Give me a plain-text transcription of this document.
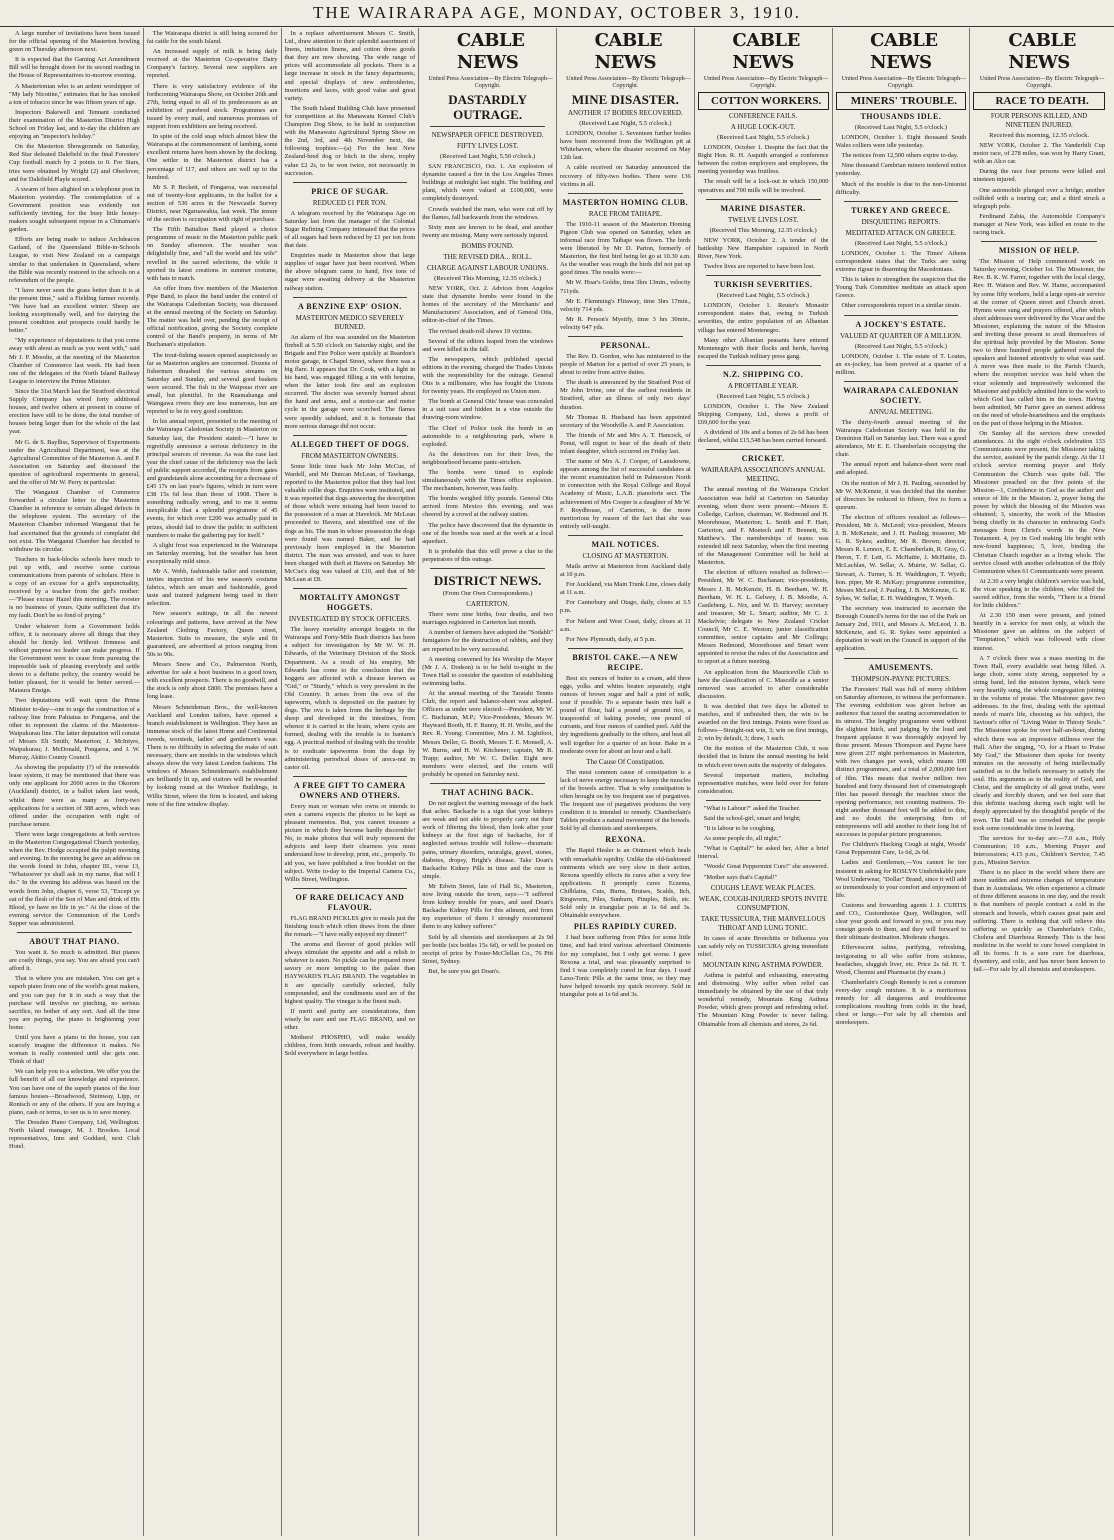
THE WAIRARAPA AGE, MONDAY, OCTOBER 3, 1910.

A large number of invitations have been issued for the official opening of the Masterton bowling green on Thursday afternoon next.

It is expected that the Gaming Act Amendment Bill will be brought down for its second reading in the House of Representatives to-morrow evening.

A Mastertonian who is an ardent worshipper of "My lady Nicotine," estimates that he has smoked a ton of tobacco since he was fifteen years of age.

Inspectors Bakewell and Tennant conducted their examination of the Masterton District High School on Friday last, and to-day the children are enjoying an "inspector's holiday."

On the Masterton Showgrounds on Saturday, Red Star defeated Dalefield in the final Foresters' Cup football match by 2 points to 0. For Stars, tries were obtained by Wright (2) and Oberlover, and for Dalefield Playle scored.

A swarm of bees alighted on a telephone post in Masterton yesterday. The contemplation of a Government position was evidently not sufficiently inviting, for the busy little honey-makers sought subsequent repose in a Chinaman's garden.

Efforts are being made to induce Archdeacon Garland, of the Queensland Bible-in-Schools League, to visit New Zealand on a campaign similar to that undertaken in Queensland, where the Bible was recently restored to the schools on a referendum of the people.

"I have never seen the grass better than it is at the present time," said a Fielding farmer recently. "We have had an excellent winter. Sheep are looking exceptionally well, and for dairying the present condition and prospects could hardly be better."

"My experience of deputations is that you come away with about as much as you went with," said Mr J. P. Moodie, at the meeting of the Masterton Chamber of Commerce last week. He had been one of the delegates of the North Island Railway League to interview the Prime Minister.

Since the 31st March last the Stratford electrical Supply Company has wired forty additional houses, and twelve others at present in course of erection have still to be done, the total number of houses being larger than for the whole of the last year.

Mr G. de S. Baylliss, Supervisor of Experiments under the Agricultural Department, was at the Agricultural Committee of the Masterton A. and P. Association on Saturday and discussed the question of agricultural experiments in general, and the offer of Mr W. Perry in particular.

The Wanganui Chamber of Commerce forwarded a circular letter to the Masterton Chamber in reference to certain alleged defects in the telephone system. The secretary of the Masterton Chamber informed Wanganui that he had ascertained that the grounds of complaint did not exist. The Wanganui Chamber has decided to withdraw its circular.

Teachers in back-blocks schools have much to put up with, and receive some curious communications from parents of scholars. Here is a copy of an excuse for a girl's unpunctuality, received by a teacher from the girl's mother:—"Please excuse Hazel this morning. The rooster is no business of yours. Quite sufficient that it's my fault. Don't be so fond of prying."

Under whatever form a Government holds office, it is necessary above all things that they should be firmly led. Without firmness and without purpose no leader can make progress. If the Government were to cease from pursuing the impossible task of pleasing everybody and settle down to a definite policy, the country would be better pleased, for it would be better served.—Mataura Ensign.

Two deputations will wait upon the Prime Minister to-day—one to urge the construction of a railway line from Pahiatua to Pongaroa, and the other to represent the claims of the Masterton-Waipukurau line. The latter deputation will consist of Messrs Eli Smith, Masterton; J. McIntyre, Waipukurau; J. McDonald, Pongaroa, and J. W. Murray, Akitio County Council.

As showing the popularity (?) of the renewable lease system, it may be mentioned that there was only one applicant for 2000 acres in the Okorore (Auckland) district, in a ballot taken last week, whilst there were as many as forty-two applications for a section of 388 acres, which was offered under the occupation with right of purchase tenure.

There were large congregations at both services in the Masterton Congregational Church yesterday, when the Rev. Hodge occupied the pulpit morning and evening. In the morning he gave an address on the words found in John, chapter III., verse 13, "Whatsoever ye shall ask in my name, that will I do." In the evening his address was based on the words from John, chapter 6, verse 53, "Except ye eat of the flesh of the Son of Man and drink of His Blood, ye have no life in ye." At the close of the evening service the Communion of the Lord's Supper was administered.

ABOUT THAT PIANO.

You want it. So much is admitted. But pianos are costly things, you say. You are afraid you can't afford it.

That is where you are mistaken. You can get a superb piano from one of the world's great makers, and you can pay for it in such a way that the purchase will involve no pinching, no serious sacrifice, no bother of any sort. And all the time you are paying, the piano is brightening your home.

Until you have a piano in the house, you can scarcely imagine the difference it makes. No woman is really contented until she gets one. Think of that!

We can help you to a selection. We offer you the full benefit of all our knowledge and experience. You can have one of the superb pianos of the four famous houses—Broadwood, Steinway, Lipp, or Ronisch or any of the others. If you are buying a piano, cash or terms, to see us is to save money.

The Dresden Piano Company, Ltd, Wellington. North Island manager, M. J. Brookes. Local representatives, Inns and Goddard, next Club Hotel.

The Wairarapa district is still being scoured for fat cattle for the south Island.

An increased supply of milk is being daily received at the Masterton Co-operative Dairy Company's factory. Several new suppliers are reported.

There is very satisfactory evidence of the forthcoming Wairarapa Show, on October 26th and 27th, being equal to all of its predecessors as an exhibition of purebred stock. Programmes are issued by every mail, and numerous promises of support from exhibitors are being received.

In spite of the cold snap which almost blew the Wairarapa at the commencement of lambing, some excellent returns have been shown by the docking. One settler in the Masterton district has a percentage of 117, and others are well up to the hundred.

Mr S. P. Beckett, of Pongaroa, was successful out of twenty-four applicants, in the ballot for a section of 530 acres in the Newcastle Survey District, near Ngaruawahia, last week. The tenure of the section is occupation with right of purchase.

The Fifth Battalion Band played a choice programme of music in the Masterton public park on Sunday afternoon. The weather was delightfully fine, and "all the world and his wife" revelled in the sacred selections, the while it sported its latest creations in summer costume, with hats to match.

An offer from five members of the Masterton Pipe Band, to place the band under the control of the Wairarapa Caledonian Society, was discussed at the annual meeting of the Society on Saturday. The matter was held over, pending the receipt of official notification, giving the Society complete control of the Band's property, in terms of Mr Buchanan's stipulation.

The trout-fishing season opened auspiciously so far as Masterton anglers are concerned. Dozens of fishermen thrashed the various streams on Saturday and Sunday, and several good baskets were secured. The fish in the Waipoua river are small, but plentiful. In the Ruamahanga and Waingawa rivers they are less numerous, but are reported to be in very good condition.

In his annual report, presented to the meeting of the Wairarapa Caledonian Society in Masterton on Saturday last, the President stated:—"I have to regretfully announce a serious deficiency in the principal sources of revenue. As was the case last year the chief cause of the deficiency was the lack of public support accorded, the receipts from gates and grandstands alone accounting for a decrease of £45 17s on last year's figures, which in turn were £38 15s 6d less than those of 1908. There is something radically wrong, and to me it seems inexplicable that a splendid programme of 45 events, for which over £200 was actually paid in prizes, should fail to draw the public in sufficient numbers to make the gathering pay for itself."

A slight frost was experienced in the Wairarapa on Saturday morning, but the weather has been exceptionally mild since.

Mr A. Webb, fashionable tailor and costumier, invites inspection of his new season's costume fabrics, which are smart and fashionable, good taste and trained judgment being used in their selection.

New season's suitings, in all the newest colourings and patterns, have arrived at the New Zealand Clothing Factory, Queen street, Masterton. Suits to measure, the style and fit guaranteed, are advertised at prices ranging from 50s to 90s.

Messrs Snow and Co., Palmerston North, advertise for sale a boot business in a good town, with excellent prospects. There is no goodwill, and the stock is only about £800. The premises have a long lease.

Messrs Schneideman Bros., the well-known Auckland and London tailors, have opened a branch establishment in Wellington. They have an immense stock of the latest Home and Continental tweeds, worsteds, ladies' and gentlemen's wear. There is no difficulty in selecting the make of suit necessary, there are models in the windows which always show the very latest London fashions. The windows of Messrs Schneideman's establishment are brilliantly lit up, and visitors will be rewarded by looking round at the Windsor Buildings, in Willis Street, where the firm is located, and taking note of the fine window display.

In a replace advertisement Messrs C. Smith, Ltd., draw attention to their splendid assortment of linens, imitation linens, and cotton dress goods that they are now showing. The wide range of prices will accommodate all pockets. There is a large increase in stock in the fancy departments, and special displays of new embroideries, insertions and laces, with good value and great variety.

The South Island Building Club have presented for competition at the Manawatu Kennel Club's Champion Dog Show, to be held in conjunction with the Manawatu Agricultural Spring Show on the 2nd, 3rd, and 4th November next, the following trophies:—(a) For the best New Zealand-bred dog or bitch in the show, trophy value £2 2s, to be won twice, not necessarily in succession.

PRICE OF SUGAR.

REDUCED £1 PER TON.

A telegram received by the Wairarapa Age on Saturday last from the manager of the Colonial Sugar Refining Company intimated that the prices of all sugars had been reduced by £1 per ton from that date.

Enquiries made in Masterton show that large supplies of sugar have just been received. When the above telegram came to hand, five tons of sugar were awaiting delivery at the Masterton railway station.

A BENZINE EXP' OSION.

MASTERTON MEDICO SEVERELY BURNED.

An alarm of fire was sounded on the Masterton firebell at 5.50 o'clock on Saturday night, and the Brigade and Fire Police were quickly at Reardon's motor garage, in Chapel Street, where there was a big flare. It appears that Dr. Cook, with a light in his hand, was engaged filling a tin with benzine, when the latter took fire and an explosion occurred. The doctor was severely burned about the hand and arms, and a motor-car and motor cycle in the garage were scorched. The flames were speedily subdued, and it is fortunate that more serious damage did not occur.

ALLEGED THEFT OF DOGS.

FROM MASTERTON OWNERS.

Some little time back Mr John McCue, of Wardell, and Mr Duncan McLean, of Tawhanga, reported to the Masterton police that they had lost valuable collie dogs. Enquiries were instituted, and it was reported that dogs answering the description of those which were missing had been traced to the possession of a man at Havelock. Mr McLean proceeded to Havera, and identified one of the dogs as his. The man in whose possession the dogs were found was named Baker, and he had previously been employed in the Masterton district. The man was arrested, and was to have been charged with theft at Havera on Saturday. Mr McCue's dog was valued at £10, and that of Mr McLean at £8.

MORTALITY AMONGST HOGGETS.

INVESTIGATED BY STOCK OFFICERS.

The heavy mortality amongst hoggets in the Wairarapa and Forty-Mile Bush districts has been a subject for investigation by Mr W. W. H. Edwards, of the Veterinary Division of the Stock Department. As a result of his enquiry, Mr Edwards has come to the conclusion that the hoggets are affected with a disease known as "Gid," or "Sturdy," which is very prevalent in the Old Country. It arises from the ova of the tapeworm, which is deposited on the pasture by dogs. The ova is taken from the herbage by the sheep and developed in the intestines, from whence it is carried to the brain, where cysts are formed, dealing with the trouble is to bantam's egg. A practical method of dealing with the trouble is to eradicate tapeworms from the dogs by administering periodical doses of areca-nut in castor oil.

A FREE GIFT TO CAMERA OWNERS AND OTHERS.

Every man or woman who owns or intends to own a camera expects the photos to be kept as pleasant mementos. But, you cannot treasure a picture in which they become hardly discernible! No, to make photos that will truly represent the subjects and keep their clearness you must understand how to develop, print, etc., properly. To aid you, we have published a free booklet on the subject. Write to-day to the Imperial Camera Co., Willis Street, Wellington.

OF RARE DELICACY AND FLAVOUR.

FLAG BRAND PICKLES give to meals just the finishing touch which often draws from the diner the remark—"I have really enjoyed my dinner!"

The aroma and flavour of good pickles will always stimulate the appetite and add a relish to whatever is eaten. No pickle can be prepared more savory or more tempting to the palate than HAYWARD'S FLAG BRAND. The vegetables in it are specially carefully selected, fully compounded, and the condiments used are of the highest quality. The vinegar is the finest malt.

If merit and purity are considerations, then wisely be sure and use FLAG BRAND, and no other.

Mothers! PHOSPHO, will make weakly children, from birth onwards, robust and healthy. Sold everywhere in large bottles.

CABLE NEWS

United Press Association—By Electric Telegraph—Copyright.

DASTARDLY OUTRAGE.

NEWSPAPER OFFICE DESTROYED.

FIFTY LIVES LOST.

(Received Last Night, 5.50 o'clock.)

SAN FRANCISCO, Oct. 1. An explosion of dynamite caused a fire in the Los Angeles Times buildings at midnight last night. The building and plant, which were valued at £100,000, were completely destroyed.

Crowds watched the men, who were cut off by the flames, fall backwards from the windows.

Sixty men are known to be dead, and another twenty are missing. Many were seriously injured.

BOMBS FOUND.

THE REVISED DRA... ROLL.

CHARGE AGAINST LABOUR UNIONS.

(Received This Morning, 12.35 o'clock.)

NEW YORK, Oct. 2. Advices from Angelos state that dynamite bombs were found in the homes of the secretary of the Merchants' and Manufacturers' Association, and of General Otis, editor-in-chief of the Times.

The revised death-roll shows 19 victims.

Several of the editors leaped from the windows and were killed in the fall.

The newspapers, which published special editions in the evening, charged the Trades Unions with the responsibility for the outrage. General Otis is a millionaire, who has fought the Unions for twenty years. He employed no Union men.

The bomb at General Otis' house was concealed in a suit case and hidden in a vine outside the drawing-room window.

The Chief of Police took the bomb in an automobile to a neighbouring park, where it exploded.

As the detectives ran for their lives, the neighbourhood became panic-stricken.

The bombs were timed to explode simultaneously with the Times office explosion. The mechanism, however, was faulty.

The bombs weighed fifty pounds. General Otis arrived from Mexico this evening, and was cheered by a crowd at the railway station.

The police have discovered that the dynamite in one of the bombs was used at the work at a local aqueduct.

It is probable that this will prove a clue to the perpetrators of this outrage.

DISTRICT NEWS.

(From Our Own Correspondents.)

CARTERTON.

There were nine births, four deaths, and two marriages registered in Carterton last month.

A number of farmers have adopted the "Sodahlt" fumigators for the destruction of rabbits, and they are reported to be very successful.

A meeting convened by his Worship the Mayor (Mr J. A. Dodson) is to be held to-night in the Town Hall to consider the question of establishing swimming baths.

At the annual meeting of the Taratahi Tennis Club, the report and balance-sheet was adopted. Officers as under were elected:—President, Mr W. C. Buchanan, M.P.; Vice-Presidents, Messrs W. Hayward Booth, H. F. Bunny, H. H. Wolfe, and the Rev. R. Young; Committee, Mrs J. M. Lightfoot, Messrs Deller, G. Booth, Messrs T. E. Monsell, A. W. Burns, and H. W. Kitchener; captain, Mr B. Trapp; auditor, Mr W. C. Deller. Eight new members were elected, and the courts will probably be opened on Saturday next.

THAT ACHING BACK.

Do not neglect the warning message of the back that aches. Backache is a sign that your kidneys are weak and not able to properly carry out their work of filtering the blood, then look after your kidneys at the first sign of backache, for if neglected serious trouble will follow—rheumatic pains, urinary disorders, neuralgia, gravel, stones, diabetes, dropsy, Bright's disease. Take Doan's Backache Kidney Pills in time and the cure is simple.

Mr Edwin Street, late of Hall St., Masterton, now living outside the town, says:—"I suffered from kidney trouble for years, and used Doan's Backache Kidney Pills for this ailment, and from my experience of them I strongly recommend them to any kidney sufferer."

Sold by all chemists and storekeepers at 2s 9d per bottle (six bottles 15s 6d), or will be posted on receipt of price by Foster-McClellan Co., 76 Pitt Street, Sydney.

But, be sure you get Doan's.

CABLE NEWS

United Press Association—By Electric Telegraph—Copyright.

MINE DISASTER.

ANOTHER 17 BODIES RECOVERED.

(Received Last Night, 5.5 o'clock.)

LONDON, October 1. Seventeen further bodies have been recovered from the Wellington pit at Whitehaven, where the disaster occurred on May 12th last.

A cable received on Saturday announced the recovery of fifty-two bodies. There were 136 victims in all.

MASTERTON HOMING CLUB.

RACE FROM TAIHAPE.

The 1910-11 season of the Masterton Homing Pigeon Club was opened on Saturday, when an informal race from Taihape was flown. The birds were liberated by Mr D. Parton, formerly of Masterton, the first bird being let go at 10.30 a.m. As the weather was rough the birds did not put up good times. The results were:—

Mr W. Hoar's Goldie, time 3hrs 13min., velocity 711yds.

Mr E. Flemming's Flitaway, time 3hrs 17min., velocity 714 yds.

Mr R. Person's Mystify, time 3 hrs 30min., velocity 647 yds.

PERSONAL.

The Rev. D. Gordon, who has ministered to the people of Marton for a period of over 25 years, is about to retire from active duties.

The death is announced by the Stratford Post of Mr John Irvine, one of the earliest residents in Stratford, after an illness of only two days' duration.

Mr Thomas R. Husband has been appointed secretary of the Woodville A. and P. Association.

The friends of Mr and Mrs A. T. Hancock, of Ponui, will regret to hear of the death of their infant daughter, which occurred on Friday last.

The name of Mrs A. J. Cooper, of Lansdowne, appears among the list of successful candidates at the recent examination held in Palmerston North in connection with the Royal College and Royal Academy of Music, L.A.B. pianoforte sect. The achievement of Mrs Cooper is a daughter of Mr W. F. Roydhouse, of Carterton, is the more meritorious by reason of the fact that she was entirely self-taught.

MAIL NOTICES.

CLOSING AT MASTERTON.

Mails arrive at Masterton from Auckland daily at 10 p.m.

For Auckland, via Main Trunk Line, closes daily at 11 a.m.

For Canterbury and Otago, daily, closes at 3.5 p.m.

For Nelson and West Coast, daily, closes at 11 a.m.

For New Plymouth, daily, at 5 p.m.

BRISTOL CAKE.—A NEW RECIPE.

Best six ounces of butter to a cream, add three eggs, yolks and whites beaten separately, eight ounces of brown sugar and half a pint of milk, sour if possible. To a separate basin mix half a pound of flour, half a pound of ground rice, a teaspoonful of baking powder, one pound of currants, and four ounces of candied peel. Add the dry ingredients gradually to the others, and beat all well together for a quarter of an hour. Bake in a moderate oven for about an hour and a half.

The Cause Of Constipation.

The most common cause of constipation is a lack of nerve energy necessary to keep the muscles of the bowels active. That is why constipation is often brought on by too frequent use of purgatives. The frequent use of purgatives produces the very condition it is intended to remedy. Chamberlain's Tablets produce a natural movement of the bowels. Sold by all chemists and storekeepers.

REXONA.

The Rapid Healer is an Ointment which heals with remarkable rapidity. Unlike the old-fashioned ointments which are very slow in their action, Rexona speedily effects its cures after a very few applications. It promptly cures Eczema, Chilblains, Cuts, Burns, Bruises, Scalds, Itch, Ringworm, Piles, Sunburn, Pimples, Boils, etc. Sold only in triangular pots at 1s 6d and 3s. Obtainable everywhere.

PILES RAPIDLY CURED.

I had been suffering from Piles for some little time, and had tried various advertised Ointments for my complaint, but I only got worse. I gave Rexona a trial, and was pleasantly surprised to find I was completely cured in four days. I used Laxo-Tonic Pills at the same time, so they may have helped towards my quick recovery. Sold in triangular pots at 1s 6d and 3s.

CABLE NEWS

United Press Association—By Electric Telegraph—Copyright.

COTTON WORKERS.

CONFERENCE FAILS.

A HUGE LOCK-OUT.

(Received Last Night, 5.5 o'clock.)

LONDON, October 1. Despite the fact that the Right Hon. R. H. Asquith arranged a conference between the cotton employers and employees, the meeting yesterday was fruitless.

The result will be a lock-out in which 150,000 operatives and 700 mills will be involved.

MARINE DISASTER.

TWELVE LIVES LOST.

(Received This Morning, 12.35 o'clock.)

NEW YORK, October 2. A tender of the battleship New Hampshire capsized in North River, New York.

Twelve lives are reported to have been lost.

TURKISH SEVERITIES.

(Received Last Night, 5.5 o'clock.)

LONDON, October 1. Reuter's Monastir correspondent states that, owing to Turkish severities, the entire population of an Albanian village has entered Montenegro.

Many other Albanian peasants have entered Montenegro with their flocks and herds, having escaped the Turkish military press gang.

N.Z. SHIPPING CO.

A PROFITABLE YEAR.

(Received Last Night, 5.5 o'clock.)

LONDON, October 1. The New Zealand Shipping Company, Ltd., shows a profit of £69,600 for the year.

A dividend of 10s and a bonus of 2s 6d has been declared, whilst £15,548 has been carried forward.

CRICKET.

WAIRARAPA ASSOCIATION'S ANNUAL MEETING.

The annual meeting of the Wairarapa Cricket Association was held at Carterton on Saturday evening, when there were present:—Messrs E. Colledge, Carlton, chairman; W. Redmond and H. Moorehouse, Masterton; L. Smith and F. Hart, Carterton, and F. Moetech and F. Bennett, St. Matthew's. The memberships of teams was extended till next Saturday, when the first meeting of the Management Committee will be held at Masterton.

The election of officers resulted as follows:—President, Mr W. C. Buchanan; vice-presidents, Messrs J. B. McKenzie, H. B. Beetham, W. H. Beetham, W. H. L. Gelwey, J. B. Moodie, A. Castleberg, L. Nix, and W. D. Harvey; secretary and treasurer, Mr L. Smart; auditor, Mr C. J. Mackelvie; delegate to New Zealand Cricket Council, Mr C. E. Weston; junior classification committee, senior captains and Mr Collings; Messrs Redmond, Moorehouse and Smart were appointed to revise the rules of the Association and to report at a future meeting.

An application from the Mauriceville Club to have the classification of C. Mascelle as a senior removed was acceded to after considerable discussion.

It was decided that two days be allotted to matches, and if unfinished then, the win to be awarded on the first innings. Points were fixed as follows—Straight-out win, 3; win on first innings, 2; win by default, 3; draw, 1 each.

On the motion of the Masterton Club, it was decided that in future the annual meeting be held in which ever town suits the majority of delegates.

Several important matters, including representative matches, were held over for future consideration.

"What is Labour?" asked the Teacher.

Said the school-girl, smart and bright;

"It is labour to be coughing,

As some people do, all night;"

"What is Capital?" he asked her, After a brief interval.

"Woods' Great Peppermint Cure!" she answered.

"Mother says that's Capital!"

COUGHS LEAVE WEAK PLACES.

WEAK, COUGH-INJURED SPOTS INVITE CONSUMPTION.

TAKE TUSSICURA, THE MARVELLOUS THROAT AND LUNG TONIC.

In cases of acute Bronchitis or Influenza you can safely rely on TUSSICURA giving immediate relief.

MOUNTAIN KING ASTHMA POWDER.

Asthma is painful and exhausting, enervating and distressing. Why suffer when relief can immediately be obtained by the use of that truly wonderful remedy, Mountain King Asthma Powder, which gives prompt and refreshing relief. The Mountain King Powder is never failing. Obtainable from all chemists and stores, 2s 6d.

CABLE NEWS

United Press Association—By Electric Telegraph—Copyright.

MINERS' TROUBLE.

THOUSANDS IDLE.

(Received Last Night, 5.5 o'clock.)

LONDON, October 1. Eight thousand South Wales colliers were idle yesterday.

The notices from 12,500 others expire to-day.

Nine thousand Cambrian miners tendered notice yesterday.

Much of the trouble is due to the non-Unionist difficulty.

TURKEY AND GREECE.

DISQUIETING REPORTS.

MEDITATED ATTACK ON GREECE.

(Received Last Night, 5.5 o'clock.)

LONDON, October 1. The Times' Athens correspondent states that the Turks are using extreme rigour in disarming the Macedonians.

This is taken to strengthen the suspicion that the Young Turk Committee meditate an attack upon Greece.

Other correspondents report in a similar strain.

A JOCKEY'S ESTATE.

VALUED AT QUARTER OF A MILLION.

(Received Last Night, 5.5 o'clock.)

LONDON, October 1. The estate of T. Loates, an ex-jockey, has been proved at a quarter of a million.

WAIRARAPA CALEDONIAN SOCIETY.

ANNUAL MEETING.

The thirty-fourth annual meeting of the Wairarapa Caledonian Society was held in the Dominion Hall on Saturday last. There was a good attendance, Mr E. E. Chamberlain occupying the chair.

The annual report and balance-sheet were read and adopted.

On the motion of Mr J. H. Pauling, seconded by Mr W. McKenzie, it was decided that the number of directors be reduced to fifteen, five to form a quorum.

The election of officers resulted as follows—President, Mr A. McLeod; vice-president, Messrs J. B. McKenzie, and J. H. Pauling; treasurer, Mr G. R. Sykes; auditor, Mr R. Brown; director, Messrs R. Lennox, E. E. Chamberlain, R. Gray, G. Heron, T. F. Lett, G. McHattie, J. McHattie, D. McLachlan, W. Sellar, A. Muirie, W. Sellar, G. Stewart, A. Turner, S. H. Waddington, T. Wyeth; hon. piper, Mr R. McKay; programme committee, Messrs McLeod, J. Pauling, J. B. McKenzie, G. R. Sykes, W. Sellar, E. H. Waddington, T. Wyeth.

The secretary was instructed to ascertain the Borough Council's terms for the use of the Park on January 2nd, 1911, and Messrs A. McLeod, J. B. McKenzie, and G. R. Sykes were appointed a deputation to wait on the Council in support of the application.

AMUSEMENTS.

THOMPSON-PAYNE PICTURES.

The Foresters' Hall was full of merry children on Saturday afternoon, to witness the performance. The evening exhibition was given before an audience that taxed the seating accommodation to its utmost. The lengthy programme went without the slightest hitch, and judging by the loud and frequent applause it was thoroughly enjoyed by those present. Messrs Thompson and Payne have now given 237 night performances in Masterton, with two changes per week, which means 100 distinct programmes, and a total of 2,000,000 feet of film. This means that twelve million two hundred and forty thousand feet of cinematograph film has passed through the machine since the opening performance, not counting matinees. To-night another thousand feet will be added to this, and no doubt the enterprising firm of entrepreneurs will add another to their long list of successes in popular picture programmes.

For Children's Hacking Cough at night, Woods' Great Peppermint Cure, 1s 6d, 2s 6d.

Ladies and Gentlemen,—You cannot be too insistent in asking for ROSLYN Unshrinkable pure Wool Underwear, "Dollar" Brand, since it will add so tremendously to your comfort and enjoyment of life.

Customs and forwarding agents J. J. CURTIS and CO., Customhouse Quay, Wellington, will clear your goods and forward to you, or you may consign goods to them, and they will forward to their ultimate destination. Moderate charges.

Effervescent saline, purifying, refreshing, invigorating to all who suffer from sickness, headaches, sluggish liver, etc. Price 2s 6d. H. T. Wood, Chemist and Pharmacist (by exam.)

Chamberlain's Cough Remedy is not a common every-day cough mixture. It is a meritorious remedy for all dangerous and troublesome complications resulting from colds in the head, chest or lungs.—For sale by all chemists and storekeepers.

CABLE NEWS

United Press Association—By Electric Telegraph—Copyright.

RACE TO DEATH.

FOUR PERSONS KILLED, AND NINETEEN INJURED.

Received this morning, 12.35 o'clock.

NEW YORK, October 2. The Vanderbilt Cup motor race, of 278 miles, was won by Harry Grant, with an Alco car.

During the race four persons were killed and nineteen injured.

One automobile plunged over a bridge; another collided with a touring car; and a third struck a telegraph pole.

Ferdinand Zabia, the Automobile Company's manager at New York, was killed en route to the racing track.

MISSION OF HELP.

The Mission of Help commenced work on Saturday evening, October 1st. The Missioner, the Rev. B. K. W. Farrer, together with the local clergy, Rev. H. Watson and Rev. W. Haine, accompanied by some fifty workers, held a large open-air service at the corner of Queen street and Church street. Hymns were sung and prayers offered, after which short addresses were delivered by the Vicar and the Missioner, explaining the nature of the Mission and inviting those present to avail themselves of the spiritual help provided by the Mission. Some two to three hundred people gathered round the speakers and listened attentively to what was said. A move was then made to the Parish Church, where the reception service was held when the vicar solemnly and impressively welcomed the Missioner and publicly admitted him to the work to which God has called him in the town. Having been admitted, Mr Farrer gave an earnest address on the need of whole-heartedness and the emphasis on the part of those helping in the Mission.

On Sunday all the services drew crowded attendances. At the eight o'clock celebration 133 Communicants were present, the Missioner taking the service, assisted by the parish clergy. At the 11 o'clock service morning prayer and Holy Communion the Church was quite full. The Missioner preached on the five points of the Mission—1, Confidence in God as the author and source of life in the Mission. 2, prayer being the power by which the blessing of the Mission was obtained; 3, sincerity, the work of the Mission being chiefly in its character in embracing God's messages from Christ's words in the New Testament. 4, joy in God making life bright with new-found happiness; 5, love, binding the Christian Church together as a living whole. The service closed with another celebration of the Holy Communion when 61 Communicants were present.

At 2.30 a very bright children's service was held, the vicar speaking to the children, who filled the sacred edifice, from the words, "There is a friend for little children."

At 2.30 150 men were present, and joined heartily in a service for men only, at which the Missioner gave an address on the subject of "Temptation," which was followed with close interest.

A 7 o'clock there was a mass meeting in the Town Hall, every available seat being filled. A large choir, some sixty strong, supported by a string band, led the mission hymns, which were very heartily sung, the whole congregation joining in the volume of praise. The Missioner gave two addresses. In the first, dealing with the spiritual needs of man's life, choosing as his subject, the Saviour's offer of "Living Water to Thirsty Souls." The Missioner spoke for over half-an-hour, during which there was an impressive stillness over the Hall. After the singing, "O, for a Heart to Praise My God," the Missioner then spoke for twenty minutes on the necessity of being intellectually satisfied as to the beliefs necessary to satisfy the soul. His arguments as to the reality of God, and Christ, and the simplicity of all great truths, were clearly and forcibly drawn, and we feel sure that this definite teaching during each night will be deeply appreciated by the thoughtful people of the town. The Hall was so crowded that the people took some considerable time in leaving.

The services for to-day are:—7.0 a.m., Holy Communion; 10 a.m., Morning Prayer and Intercessions; 4.15 p.m., Children's Service; 7.45 p.m., Mission Service.

There is no place in the world where there are more sudden and extreme changes of temperature than in Australasia. We often experience a climate of three different seasons in one day, and the result is that numbers of people contract a cold in the stomach and bowels, which causes great pain and suffering. There is nothing that will relieve this suffering so quickly as Chamberlain's Colic, Cholera and Diarrhoea Remedy. This is the best medicine in the world to cure bowel complaint in all its forms. It is a sure cure for diarrhoea, dysentery, and colic, and has never been known to fail.—For sale by all chemists and storekeepers.
